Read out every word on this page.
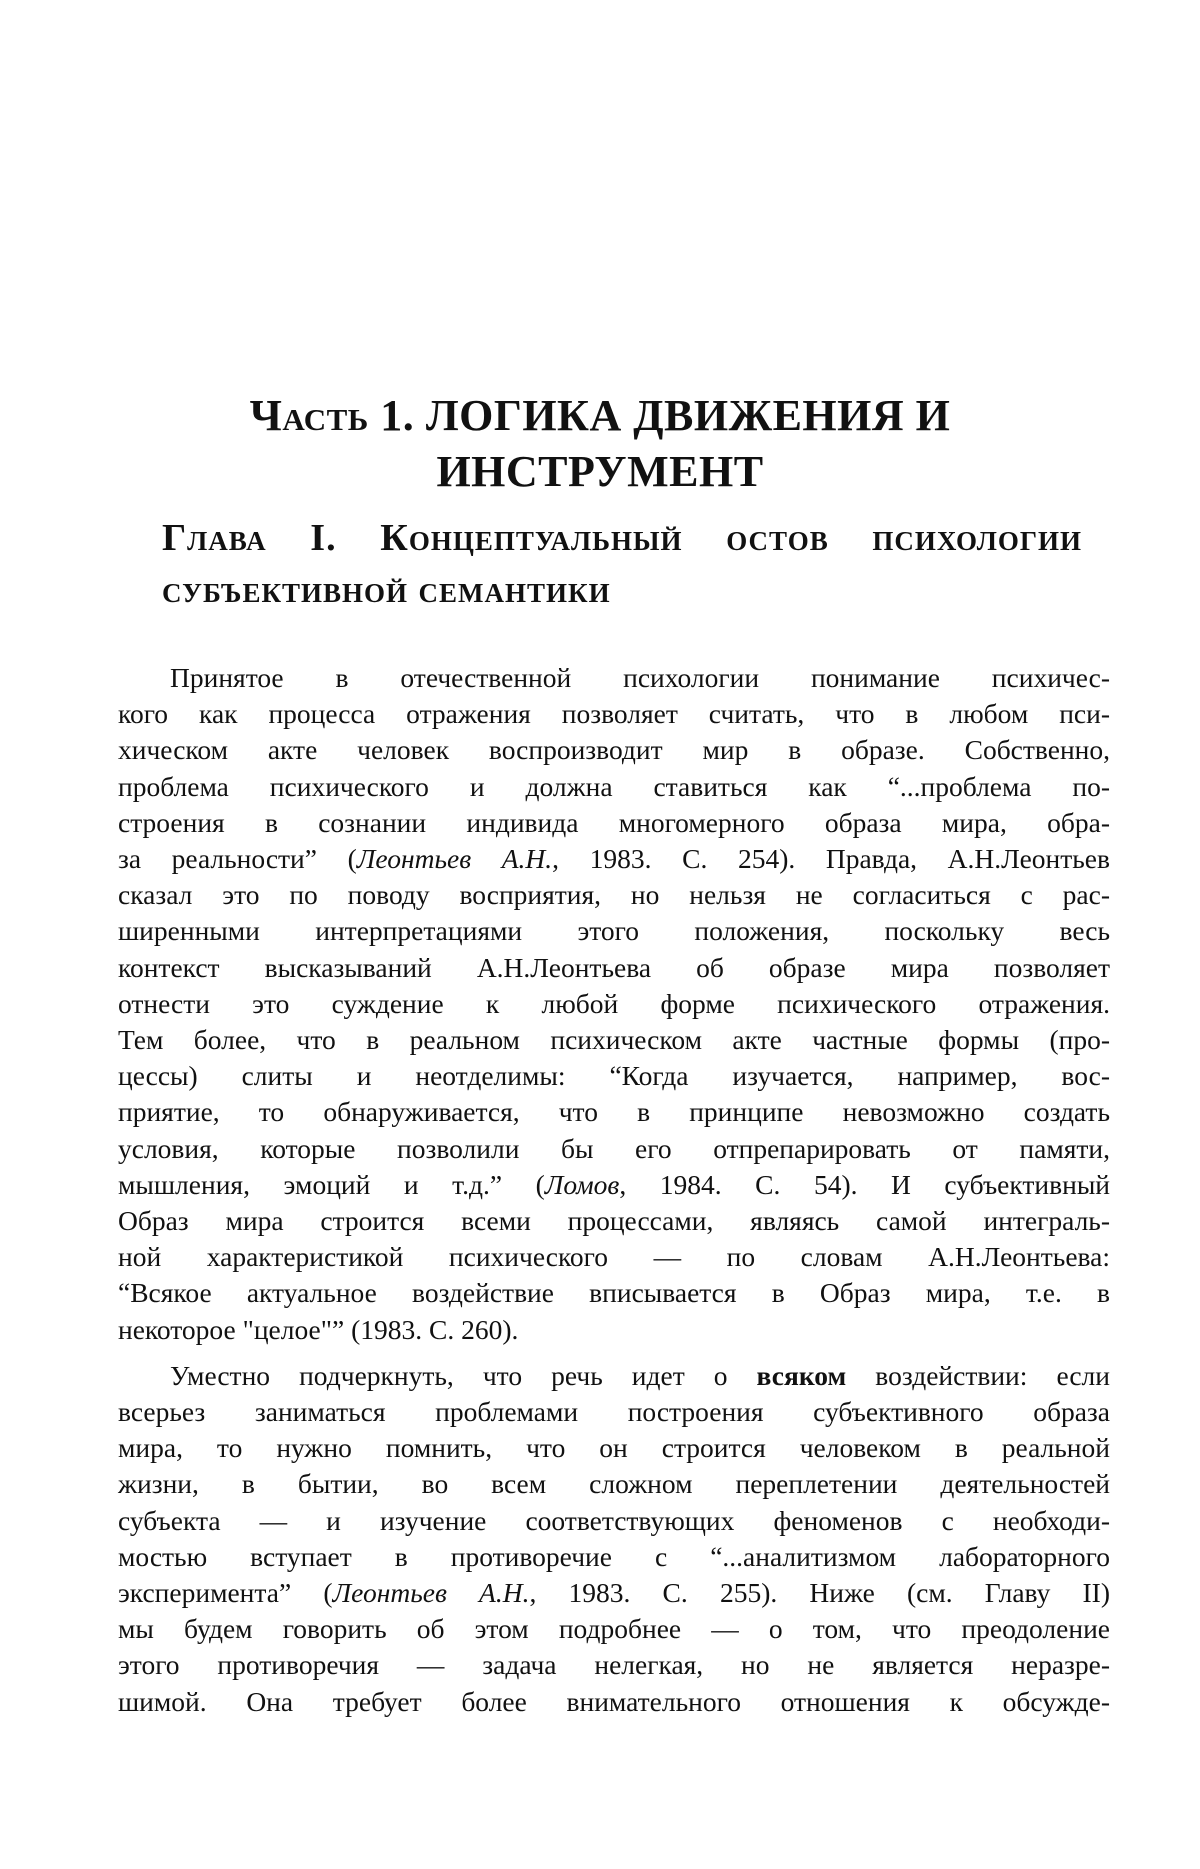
Часть 1. ЛОГИКА ДВИЖЕНИЯ И
ИНСТРУМЕНТ
Глава I. Концептуальный остов психологии
субъективной семантики
Принятое в отечественной психологии понимание психичес-
кого как процесса отражения позволяет считать, что в любом пси-
хическом акте человек воспроизводит мир в образе. Собственно,
проблема психического и должна ставиться как “...проблема по-
строения в сознании индивида многомерного образа мира, обра-
за реальности” (Леонтьев А.Н., 1983. С. 254). Правда, А.Н.Леонтьев
сказал это по поводу восприятия, но нельзя не согласиться с рас-
ширенными интерпретациями этого положения, поскольку весь
контекст высказываний А.Н.Леонтьева об образе мира позволяет
отнести это суждение к любой форме психического отражения.
Тем более, что в реальном психическом акте частные формы (про-
цессы) слиты и неотделимы: “Когда изучается, например, вос-
приятие, то обнаруживается, что в принципе невозможно создать
условия, которые позволили бы его отпрепарировать от памяти,
мышления, эмоций и т.д.” (Ломов, 1984. С. 54). И субъективный
Образ мира строится всеми процессами, являясь самой интеграль-
ной характеристикой психического — по словам А.Н.Леонтьева:
“Всякое актуальное воздействие вписывается в Образ мира, т.е. в
некоторое "целое"” (1983. С. 260).
Уместно подчеркнуть, что речь идет о всяком воздействии: если
всерьез заниматься проблемами построения субъективного образа
мира, то нужно помнить, что он строится человеком в реальной
жизни, в бытии, во всем сложном переплетении деятельностей
субъекта — и изучение соответствующих феноменов с необходи-
мостью вступает в противоречие с “...аналитизмом лабораторного
эксперимента” (Леонтьев А.Н., 1983. С. 255). Ниже (см. Главу II)
мы будем говорить об этом подробнее — о том, что преодоление
этого противоречия — задача нелегкая, но не является неразре-
шимой. Она требует более внимательного отношения к обсужде-
